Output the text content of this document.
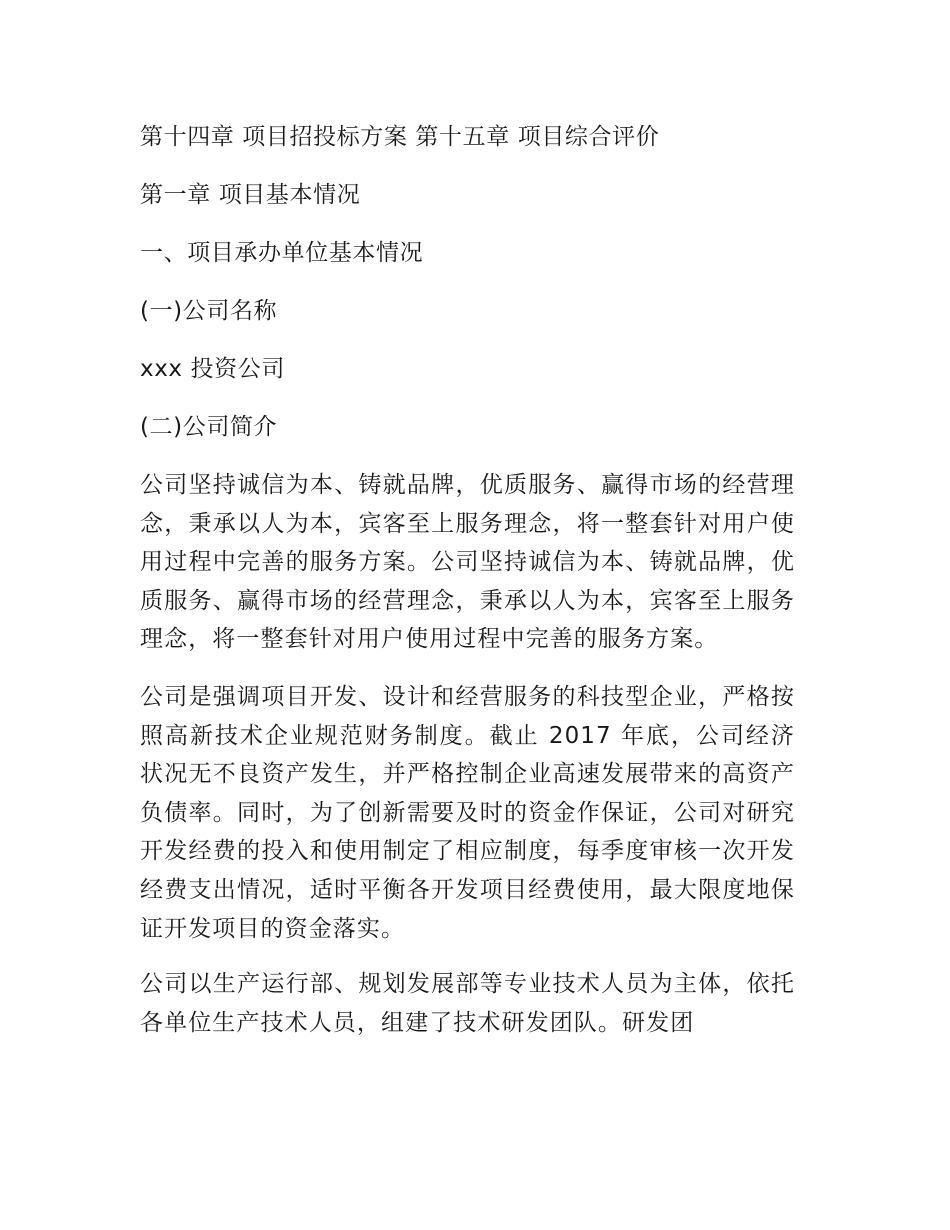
第十四章 项目招投标方案 第十五章 项目综合评价

第一章 项目基本情况

一、项目承办单位基本情况

(一)公司名称

xxx 投资公司

(二)公司简介

公司坚持诚信为本、铸就品牌，优质服务、赢得市场的经营理念，秉承以人为本，宾客至上服务理念，将一整套针对用户使用过程中完善的服务方案。公司坚持诚信为本、铸就品牌，优质服务、赢得市场的经营理念，秉承以人为本，宾客至上服务理念，将一整套针对用户使用过程中完善的服务方案。

公司是强调项目开发、设计和经营服务的科技型企业，严格按照高新技术企业规范财务制度。截止 2017 年底，公司经济状况无不良资产发生，并严格控制企业高速发展带来的高资产负债率。同时，为了创新需要及时的资金作保证，公司对研究开发经费的投入和使用制定了相应制度，每季度审核一次开发经费支出情况，适时平衡各开发项目经费使用，最大限度地保证开发项目的资金落实。

公司以生产运行部、规划发展部等专业技术人员为主体，依托各单位生产技术人员，组建了技术研发团队。研发团
